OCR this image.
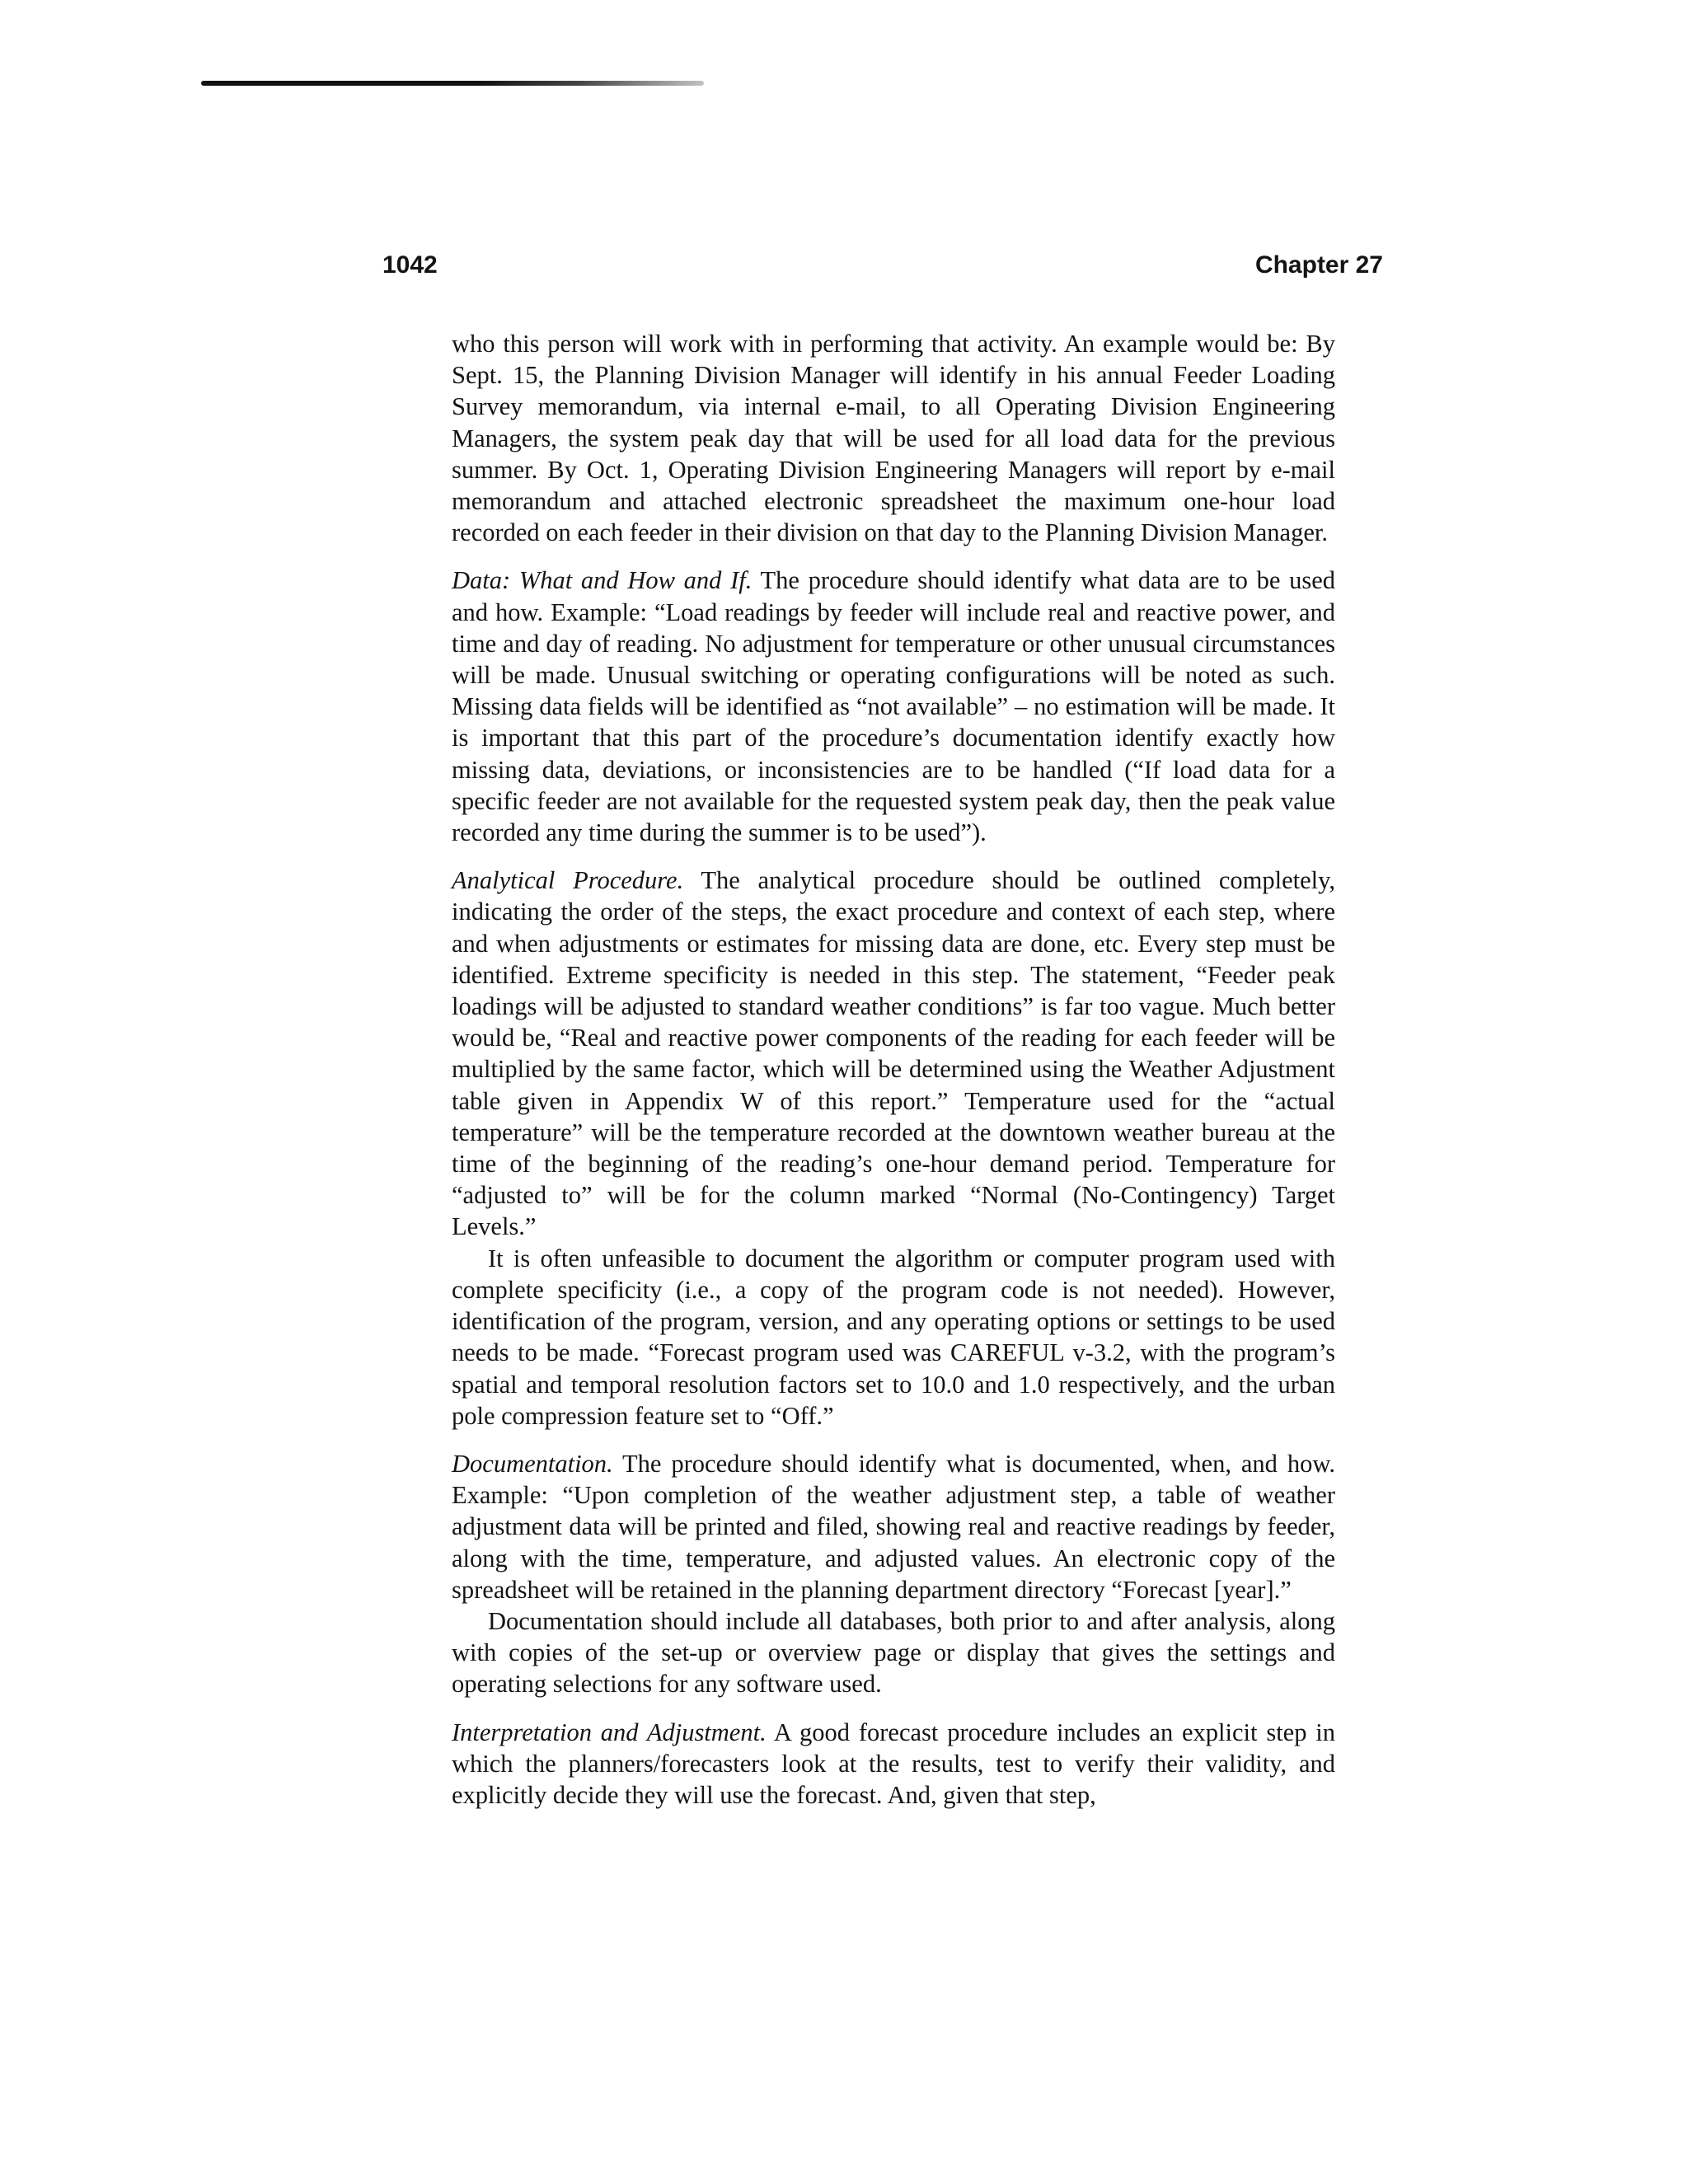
1042	Chapter 27

who this person will work with in performing that activity. An example would be: By Sept. 15, the Planning Division Manager will identify in his annual Feeder Loading Survey memorandum, via internal e-mail, to all Operating Division Engineering Managers, the system peak day that will be used for all load data for the previous summer. By Oct. 1, Operating Division Engineering Managers will report by e-mail memorandum and attached electronic spreadsheet the maximum one-hour load recorded on each feeder in their division on that day to the Planning Division Manager.

Data: What and How and If. The procedure should identify what data are to be used and how. Example: “Load readings by feeder will include real and reactive power, and time and day of reading. No adjustment for temperature or other unusual circumstances will be made. Unusual switching or operating configurations will be noted as such. Missing data fields will be identified as “not available” – no estimation will be made. It is important that this part of the procedure’s documentation identify exactly how missing data, deviations, or inconsistencies are to be handled (“If load data for a specific feeder are not available for the requested system peak day, then the peak value recorded any time during the summer is to be used”).

Analytical Procedure. The analytical procedure should be outlined completely, indicating the order of the steps, the exact procedure and context of each step, where and when adjustments or estimates for missing data are done, etc. Every step must be identified. Extreme specificity is needed in this step. The statement, “Feeder peak loadings will be adjusted to standard weather conditions” is far too vague. Much better would be, “Real and reactive power components of the reading for each feeder will be multiplied by the same factor, which will be determined using the Weather Adjustment table given in Appendix W of this report.” Temperature used for the “actual temperature” will be the temperature recorded at the downtown weather bureau at the time of the beginning of the reading’s one-hour demand period. Temperature for “adjusted to” will be for the column marked “Normal (No-Contingency) Target Levels.”

It is often unfeasible to document the algorithm or computer program used with complete specificity (i.e., a copy of the program code is not needed). However, identification of the program, version, and any operating options or settings to be used needs to be made. “Forecast program used was CAREFUL v-3.2, with the program’s spatial and temporal resolution factors set to 10.0 and 1.0 respectively, and the urban pole compression feature set to “Off.”

Documentation. The procedure should identify what is documented, when, and how. Example: “Upon completion of the weather adjustment step, a table of weather adjustment data will be printed and filed, showing real and reactive readings by feeder, along with the time, temperature, and adjusted values. An electronic copy of the spreadsheet will be retained in the planning department directory “Forecast [year].”

Documentation should include all databases, both prior to and after analysis, along with copies of the set-up or overview page or display that gives the settings and operating selections for any software used.

Interpretation and Adjustment. A good forecast procedure includes an explicit step in which the planners/forecasters look at the results, test to verify their validity, and explicitly decide they will use the forecast. And, given that step,
